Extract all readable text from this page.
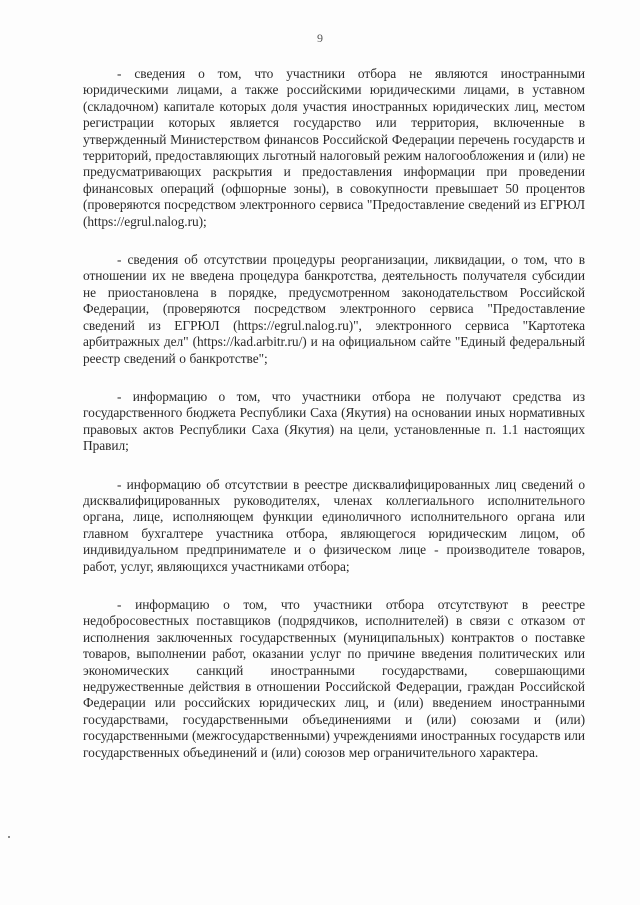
9

- сведения о том, что участники отбора не являются иностранными юридическими лицами, а также российскими юридическими лицами, в уставном (складочном) капитале которых доля участия иностранных юридических лиц, местом регистрации которых является государство или территория, включенные в утвержденный Министерством финансов Российской Федерации перечень государств и территорий, предоставляющих льготный налоговый режим налогообложения и (или) не предусматривающих раскрытия и предоставления информации при проведении финансовых операций (офшорные зоны), в совокупности превышает 50 процентов (проверяются посредством электронного сервиса "Предоставление сведений из ЕГРЮЛ (https://egrul.nalog.ru);

- сведения об отсутствии процедуры реорганизации, ликвидации, о том, что в отношении их не введена процедура банкротства, деятельность получателя субсидии не приостановлена в порядке, предусмотренном законодательством Российской Федерации, (проверяются посредством электронного сервиса "Предоставление сведений из ЕГРЮЛ (https://egrul.nalog.ru)", электронного сервиса "Картотека арбитражных дел" (https://kad.arbitr.ru/) и на официальном сайте "Единый федеральный реестр сведений о банкротстве";

- информацию о том, что участники отбора не получают средства из государственного бюджета Республики Саха (Якутия) на основании иных нормативных правовых актов Республики Саха (Якутия) на цели, установленные п. 1.1 настоящих Правил;

- информацию об отсутствии в реестре дисквалифицированных лиц сведений о дисквалифицированных руководителях, членах коллегиального исполнительного органа, лице, исполняющем функции единоличного исполнительного органа или главном бухгалтере участника отбора, являющегося юридическим лицом, об индивидуальном предпринимателе и о физическом лице - производителе товаров, работ, услуг, являющихся участниками отбора;

- информацию о том, что участники отбора отсутствуют в реестре недобросовестных поставщиков (подрядчиков, исполнителей) в связи с отказом от исполнения заключенных государственных (муниципальных) контрактов о поставке товаров, выполнении работ, оказании услуг по причине введения политических или экономических санкций иностранными государствами, совершающими недружественные действия в отношении Российской Федерации, граждан Российской Федерации или российских юридических лиц, и (или) введением иностранными государствами, государственными объединениями и (или) союзами и (или) государственными (межгосударственными) учреждениями иностранных государств или государственных объединений и (или) союзов мер ограничительного характера.
